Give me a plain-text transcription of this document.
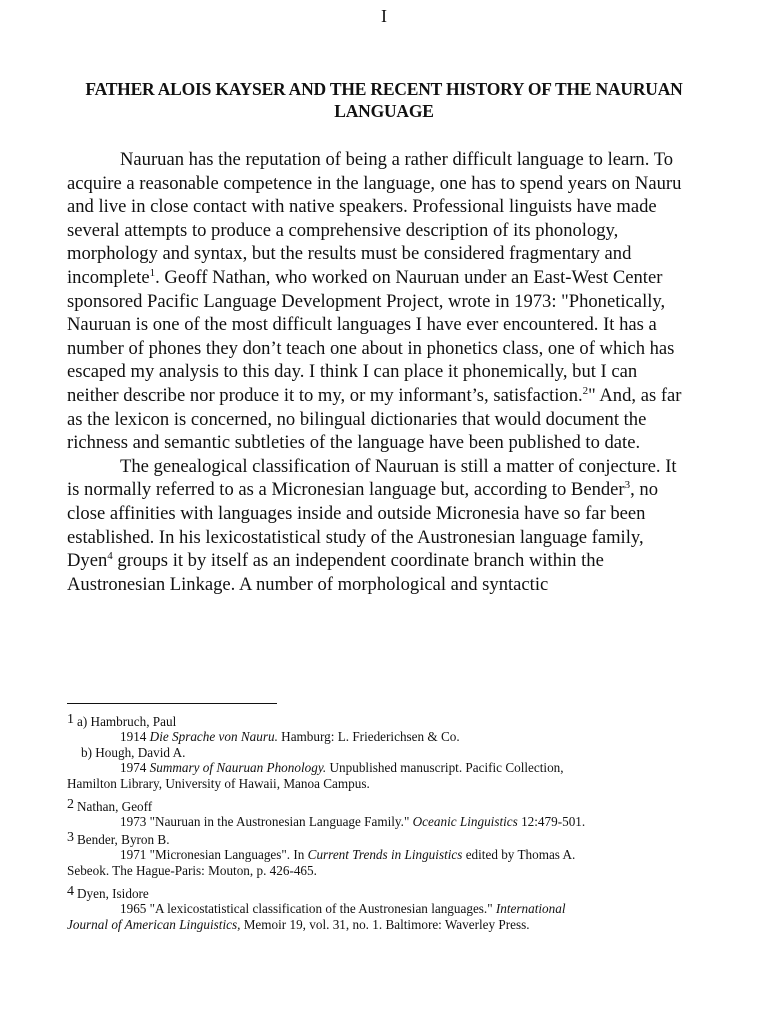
I
FATHER ALOIS KAYSER AND THE RECENT HISTORY OF THE NAURUAN LANGUAGE

Nauruan has the reputation of being a rather difficult language to learn. To acquire a reasonable competence in the language, one has to spend years on Nauru and live in close contact with native speakers. Professional linguists have made several attempts to produce a comprehensive description of its phonology, morphology and syntax, but the results must be considered fragmentary and incomplete$^1$. Geoff Nathan, who worked on Nauruan under an East-West Center sponsored Pacific Language Development Project, wrote in 1973: "Phonetically, Nauruan is one of the most difficult languages I have ever encountered. It has a number of phones they don’t teach one about in phonetics class, one of which has escaped my analysis to this day. I think I can place it phonemically, but I can neither describe nor produce it to my, or my informant’s, satisfaction.$^2$" And, as far as the lexicon is concerned, no bilingual dictionaries that would document the richness and semantic subtleties of the language have been published to date.

The genealogical classification of Nauruan is still a matter of conjecture. It is normally referred to as a Micronesian language but, according to Bender$^3$, no close affinities with languages inside and outside Micronesia have so far been established. In his lexicostatistical study of the Austronesian language family, Dyen$^4$ groups it by itself as an independent coordinate branch within the Austronesian Linkage. A number of morphological and syntactic

1 a) Hambruch, Paul
1914 Die Sprache von Nauru. Hamburg: L. Friederichsen & Co.
b) Hough, David A.
1974 Summary of Nauruan Phonology. Unpublished manuscript. Pacific Collection,
Hamilton Library, University of Hawaii, Manoa Campus.
2 Nathan, Geoff
1973 "Nauruan in the Austronesian Language Family." Oceanic Linguistics 12:479-501.
3 Bender, Byron B.
1971 "Micronesian Languages". In Current Trends in Linguistics edited by Thomas A.
Sebeok. The Hague-Paris: Mouton, p. 426-465.
4 Dyen, Isidore
1965 "A lexicostatistical classification of the Austronesian languages." International
Journal of American Linguistics, Memoir 19, vol. 31, no. 1. Baltimore: Waverley Press.
